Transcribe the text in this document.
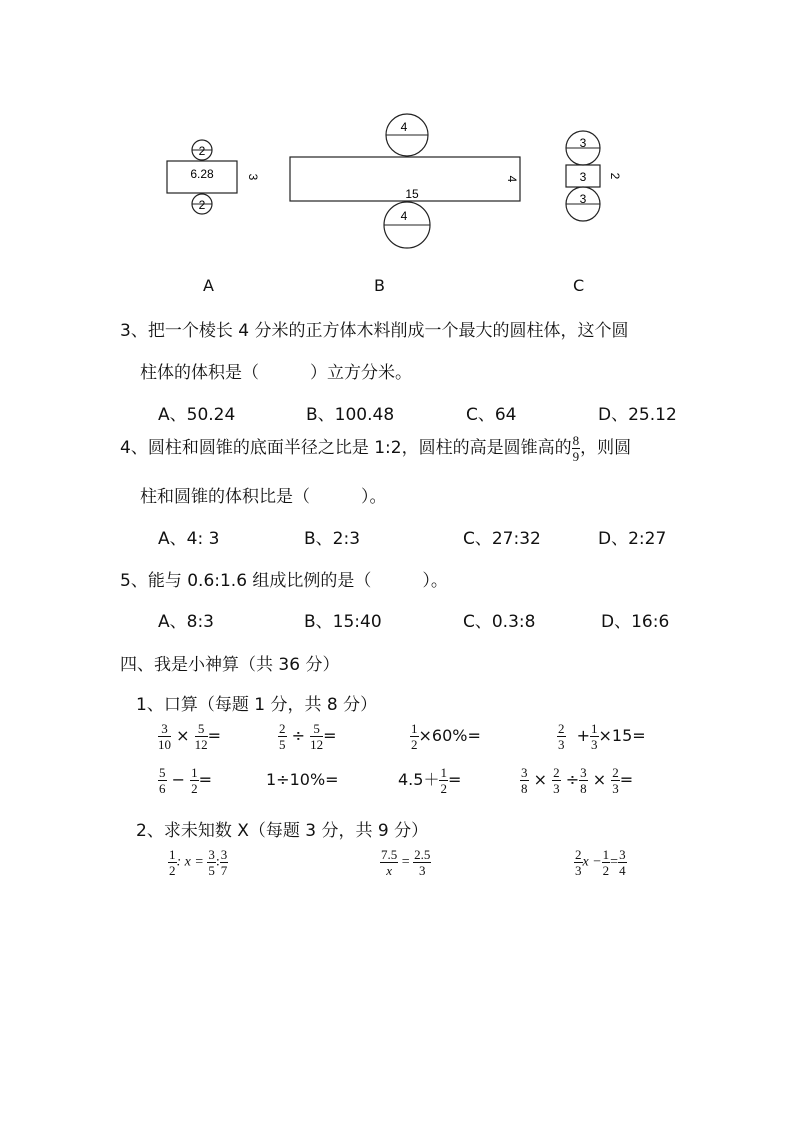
2
6.28	3
2
4
15
4
4
3
3 2
3
A	B	C
3、把一个棱长 4 分米的正方体木料削成一个最大的圆柱体，这个圆
柱体的体积是（　　　）立方分米。
A、50.24	B、100.48	C、64	D、25.12
4、圆柱和圆锥的底面半径之比是 1:2，圆柱的高是圆锥高的 $\frac{8}{9}$ ，则圆
柱和圆锥的体积比是（　　　）。
A、4: 3	B、2:3	C、27:32	D、2:27
5、能与 0.6:1.6 组成比例的是（　　　）。
A、8:3	B、15:40	C、0.3:8	D、16:6
四、我是小神算（共 36 分）
1、口算（每题 1 分，共 8 分）
$\frac{3}{10} \times \frac{5}{12}$ =	$\frac{2}{5} \div \frac{5}{12}$ =	$\frac{1}{2} \times 60\%=$	$\frac{2}{3} + \frac{1}{3} \times 15=$
$\frac{5}{6} - \frac{1}{2}$ =	1÷10%=	$4.5+ \frac{1}{2}$ =	$\frac{3}{8} \times \frac{2}{3} \div \frac{3}{8} \times \frac{2}{3}$ =
2、求未知数 X（每题 3 分，共 9 分）
$\frac{1}{2}$ : $x = \frac{3}{5}$ : $\frac{3}{7}$	$\frac{7.5}{x} = \frac{2.5}{3}$	$\frac{2}{3}$ $x - \frac{1}{2} = \frac{3}{4}$
